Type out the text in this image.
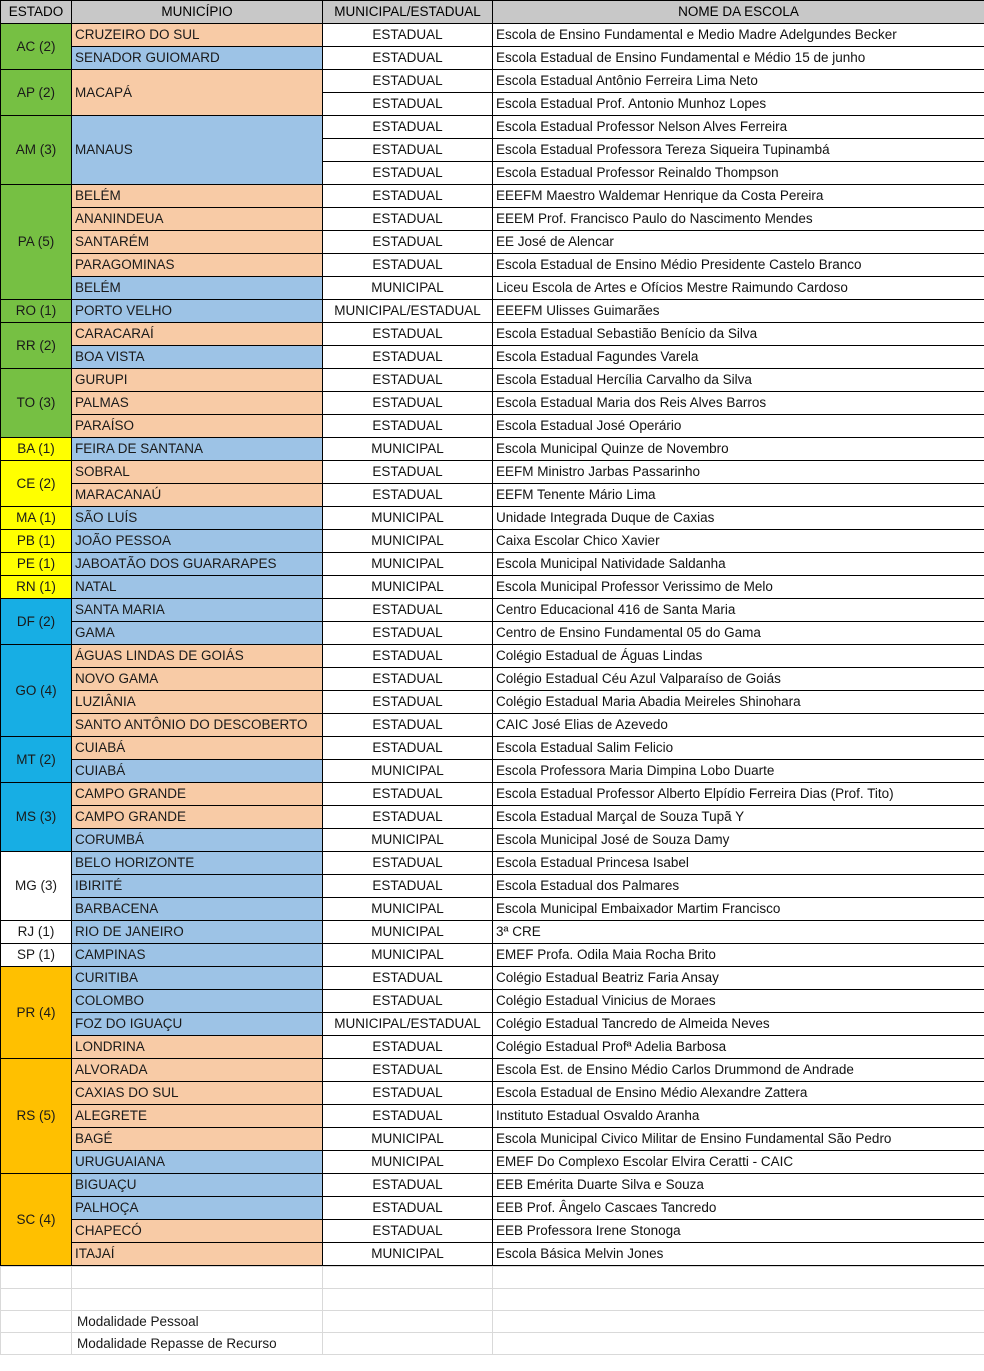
ESTADO	MUNICÍPIO	MUNICIPAL/ESTADUAL	NOME DA ESCOLA
AC (2)	CRUZEIRO DO SUL	ESTADUAL	Escola de Ensino Fundamental e Medio Madre Adelgundes Becker
	SENADOR GUIOMARD	ESTADUAL	Escola Estadual de Ensino Fundamental e Médio 15 de junho
AP (2)	MACAPÁ	ESTADUAL	Escola Estadual Antônio Ferreira Lima Neto
		ESTADUAL	Escola Estadual Prof. Antonio Munhoz Lopes
AM (3)	MANAUS	ESTADUAL	Escola Estadual Professor Nelson Alves Ferreira
		ESTADUAL	Escola Estadual Professora Tereza Siqueira Tupinambá
		ESTADUAL	Escola Estadual Professor Reinaldo Thompson
PA (5)	BELÉM	ESTADUAL	EEEFM Maestro Waldemar Henrique da Costa Pereira
	ANANINDEUA	ESTADUAL	EEEM Prof. Francisco Paulo do Nascimento Mendes
	SANTARÉM	ESTADUAL	EE José de Alencar
	PARAGOMINAS	ESTADUAL	Escola Estadual de Ensino Médio Presidente Castelo Branco
	BELÉM	MUNICIPAL	Liceu Escola de Artes e Ofícios Mestre Raimundo Cardoso
RO (1)	PORTO VELHO	MUNICIPAL/ESTADUAL	EEEFM Ulisses Guimarães
RR (2)	CARACARAÍ	ESTADUAL	Escola Estadual Sebastião Benício da Silva
	BOA VISTA	ESTADUAL	Escola Estadual Fagundes Varela
TO (3)	GURUPI	ESTADUAL	Escola Estadual Hercília Carvalho da Silva
	PALMAS	ESTADUAL	Escola Estadual Maria dos Reis Alves Barros
	PARAÍSO	ESTADUAL	Escola Estadual José Operário
BA (1)	FEIRA DE SANTANA	MUNICIPAL	Escola Municipal Quinze de Novembro
CE (2)	SOBRAL	ESTADUAL	EEFM Ministro Jarbas Passarinho
	MARACANAÚ	ESTADUAL	EEFM Tenente Mário Lima
MA (1)	SÃO LUÍS	MUNICIPAL	Unidade Integrada Duque de Caxias
PB (1)	JOÃO PESSOA	MUNICIPAL	Caixa Escolar Chico Xavier
PE (1)	JABOATÃO DOS GUARARAPES	MUNICIPAL	Escola Municipal Natividade Saldanha
RN (1)	NATAL	MUNICIPAL	Escola Municipal Professor Verissimo de Melo
DF (2)	SANTA MARIA	ESTADUAL	Centro Educacional 416 de Santa Maria
	GAMA	ESTADUAL	Centro de Ensino Fundamental 05 do Gama
GO (4)	ÁGUAS LINDAS DE GOIÁS	ESTADUAL	Colégio Estadual de Águas Lindas
	NOVO GAMA	ESTADUAL	Colégio Estadual Céu Azul Valparaíso de Goiás
	LUZIÂNIA	ESTADUAL	Colégio Estadual Maria Abadia Meireles Shinohara
	SANTO ANTÔNIO DO DESCOBERTO	ESTADUAL	CAIC José Elias de Azevedo
MT (2)	CUIABÁ	ESTADUAL	Escola Estadual Salim Felicio
	CUIABÁ	MUNICIPAL	Escola Professora Maria Dimpina Lobo Duarte
MS (3)	CAMPO GRANDE	ESTADUAL	Escola Estadual Professor Alberto Elpídio Ferreira Dias (Prof. Tito)
	CAMPO GRANDE	ESTADUAL	Escola Estadual Marçal de Souza Tupã Y
	CORUMBÁ	MUNICIPAL	Escola Municipal José de Souza Damy
MG (3)	BELO HORIZONTE	ESTADUAL	Escola Estadual Princesa Isabel
	IBIRITÉ	ESTADUAL	Escola Estadual dos Palmares
	BARBACENA	MUNICIPAL	Escola Municipal Embaixador Martim Francisco
RJ (1)	RIO DE JANEIRO	MUNICIPAL	3ª CRE
SP (1)	CAMPINAS	MUNICIPAL	EMEF Profa. Odila Maia Rocha Brito
PR (4)	CURITIBA	ESTADUAL	Colégio Estadual Beatriz Faria Ansay
	COLOMBO	ESTADUAL	Colégio Estadual Vinicius de Moraes
	FOZ DO IGUAÇU	MUNICIPAL/ESTADUAL	Colégio Estadual Tancredo de Almeida Neves
	LONDRINA	ESTADUAL	Colégio Estadual Profª Adelia Barbosa
RS (5)	ALVORADA	ESTADUAL	Escola Est. de Ensino Médio Carlos Drummond de Andrade
	CAXIAS DO SUL	ESTADUAL	Escola Estadual de Ensino Médio Alexandre Zattera
	ALEGRETE	ESTADUAL	Instituto Estadual Osvaldo Aranha
	BAGÉ	MUNICIPAL	Escola Municipal Civico Militar de Ensino Fundamental São Pedro
	URUGUAIANA	MUNICIPAL	EMEF Do Complexo Escolar Elvira Ceratti - CAIC
SC (4)	BIGUAÇU	ESTADUAL	EEB Emérita Duarte Silva e Souza
	PALHOÇA	ESTADUAL	EEB Prof. Ângelo Cascaes Tancredo
	CHAPECÓ	ESTADUAL	EEB Professora Irene Stonoga
	ITAJAÍ	MUNICIPAL	Escola Básica Melvin Jones

	Modalidade Pessoal		
	Modalidade Repasse de Recurso		
